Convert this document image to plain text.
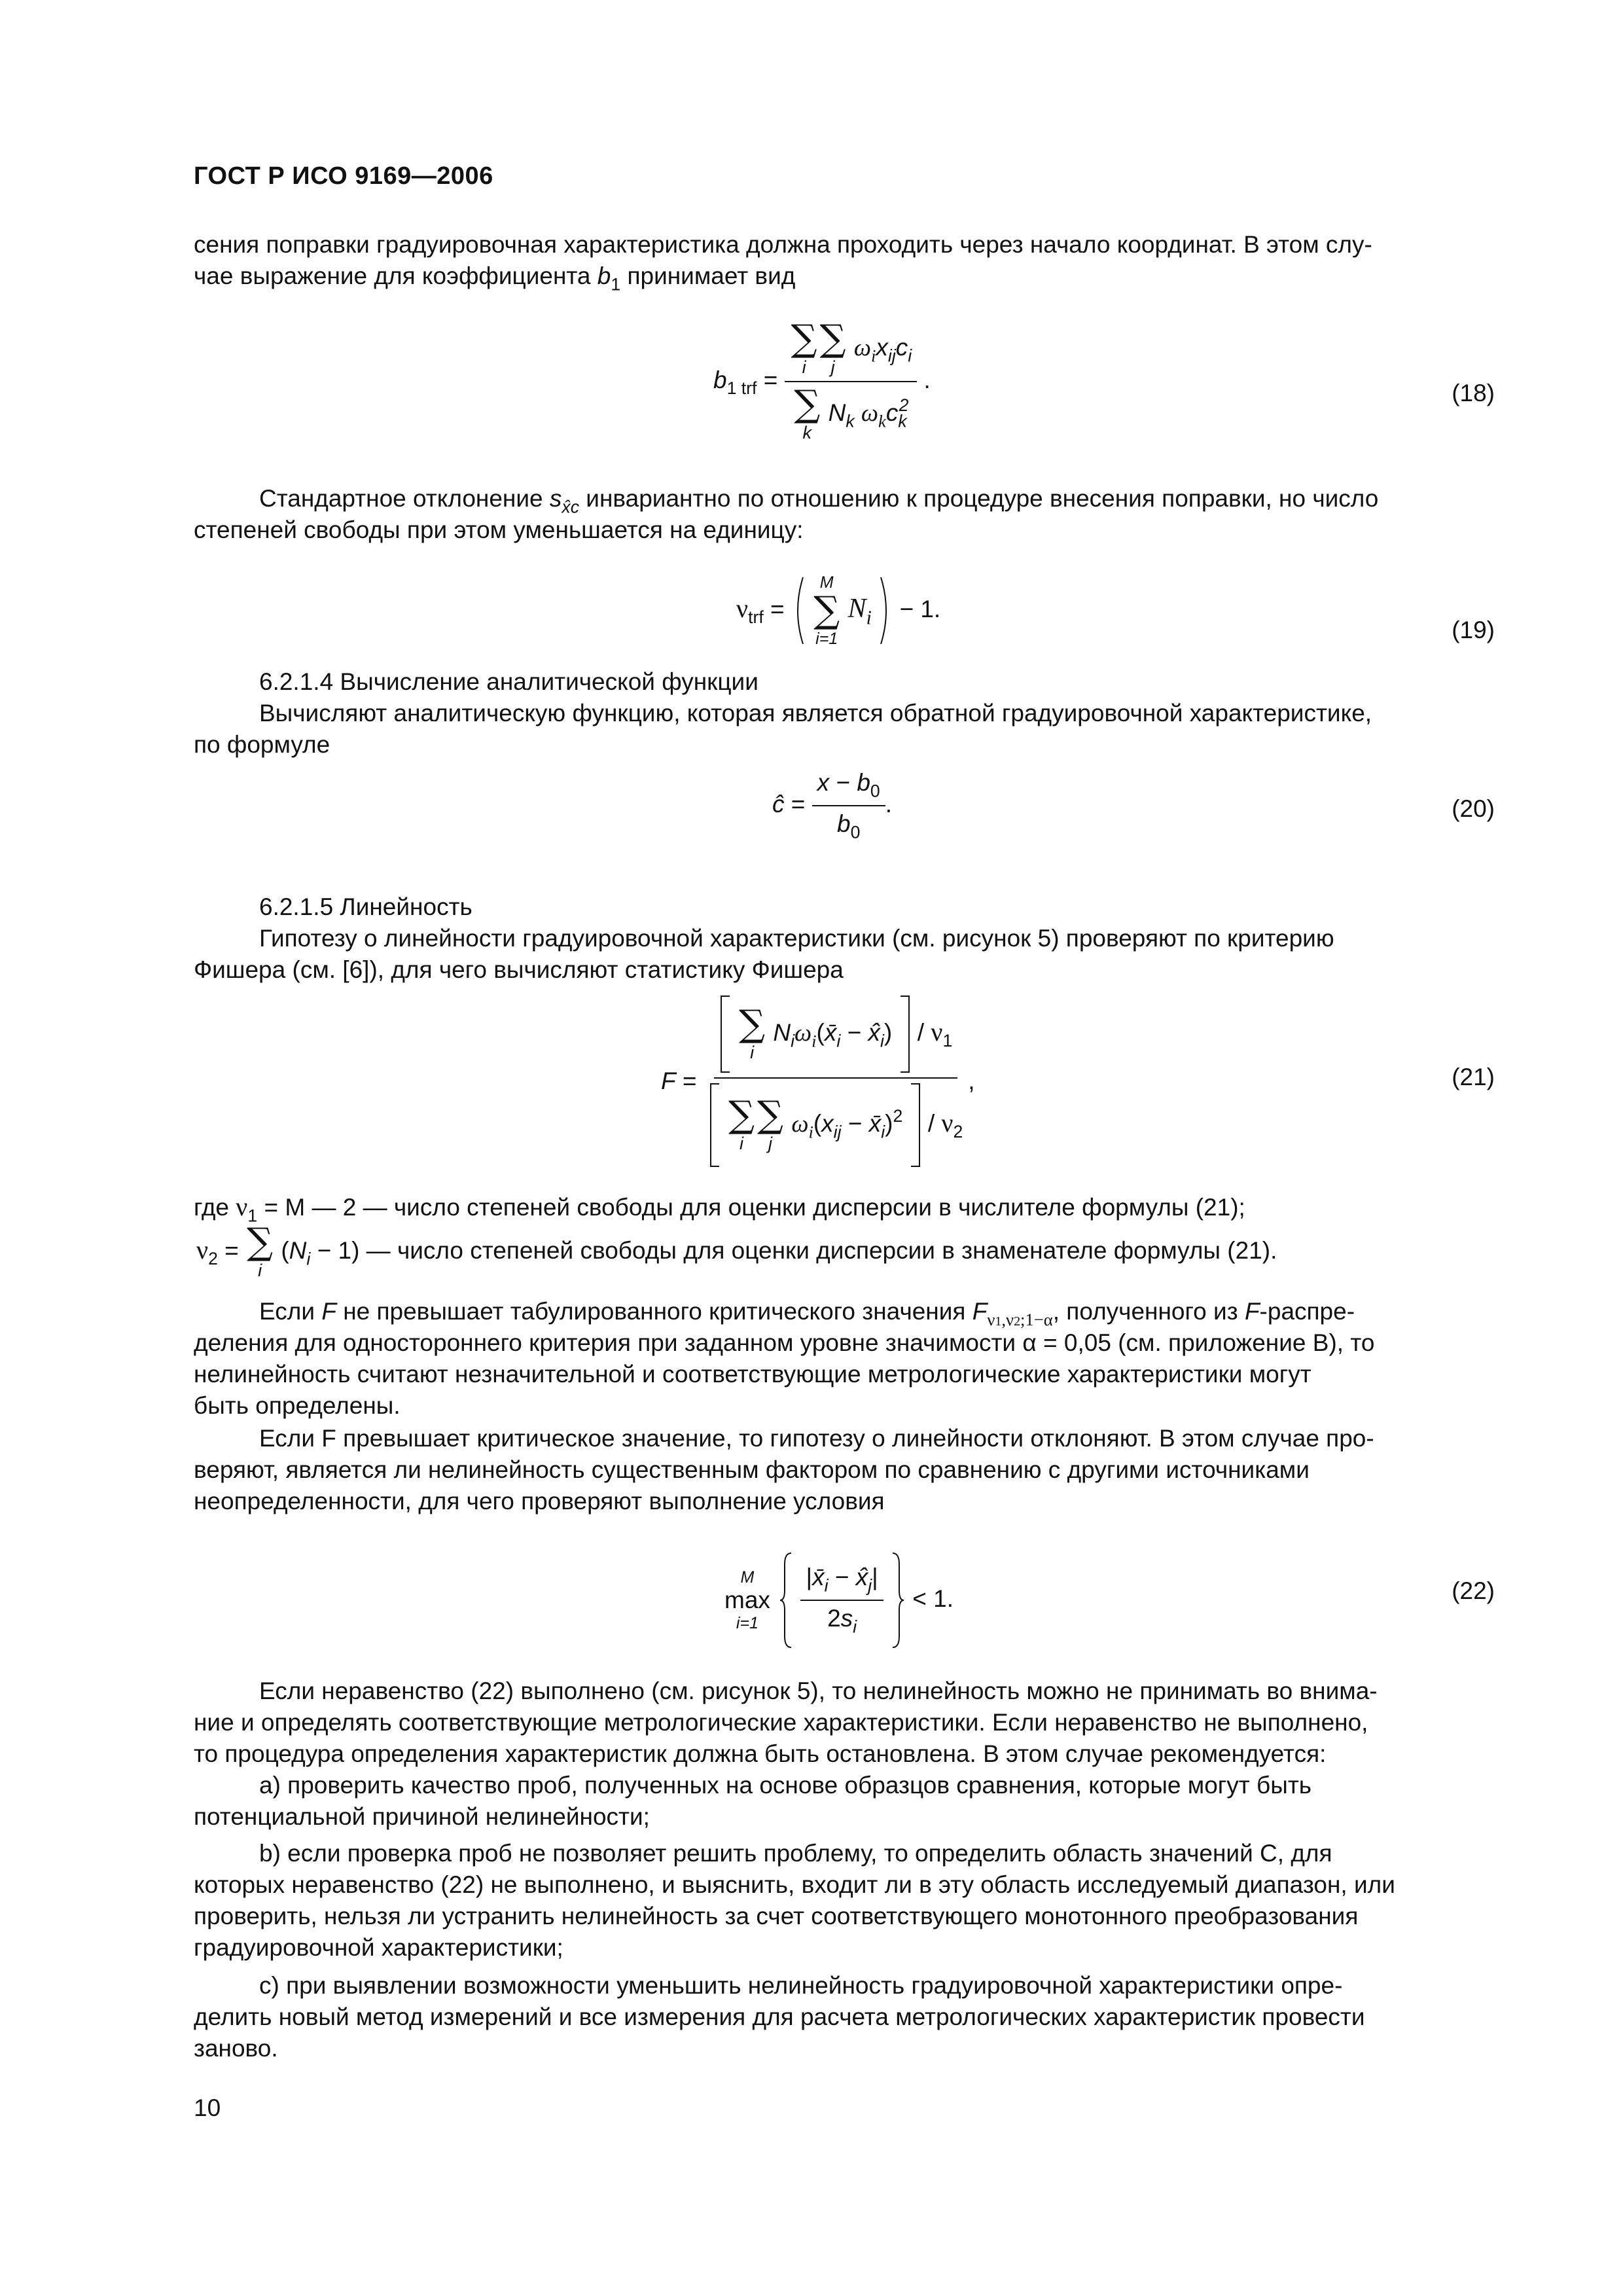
ГОСТ Р ИСО 9169—2006
сения поправки градуировочная характеристика должна проходить через начало координат. В этом слу-
чае выражение для коэффициента $b_1$ принимает вид
$b_{1 trf}$ = ∑
i
∑
j
$\omega_ix_{ij}c_i$
∑
k
$N_k$ $\omega_kc_k^2$ .	(18)
Стандартное отклонение $s_{x̂c}$ инвариантно по отношению к процедуре внесения поправки, но число
степеней свободы при этом уменьшается на единицу:
$\nu_{trf}$ =
M
∑
i=1
$N_i - 1$.
(19)
6.2.1.4 Вычисление аналитической функции
Вычисляют аналитическую функцию, которая является обратной градуировочной характеристике,
по формуле
ĉ = $\frac{x - b_0}{b_0}$ .	(20)
6.2.1.5 Линейность
Гипотезу о линейности градуировочной характеристики (см. рисунок 5) проверяют по критерию
Фишера (см. [6]), для чего вычисляют статистику Фишера
F =
∑
i
$N_i\omega_i(x̄_i$ − $x̂_i) / \nu_1$

∑
i
∑
j
$\omega_i(x_{ij}$ − $x̄_i)^2 / \nu_2$ ,	(21)
где $\nu_1 = M$ — 2 — число степеней свободы для оценки дисперсии в числителе формулы (21);
$\nu_2$ = ∑
i
$(N_i - 1)$ — число степеней свободы для оценки дисперсии в знаменателе формулы (21).
Если F не превышает табулированного критического значения $F_{\nu 1,\nu 2;1-\alpha}$, полученного из F-распре-
деления для одностороннего критерия при заданном уровне значимости α = 0,05 (см. приложение В), то
нелинейность считают незначительной и соответствующие метрологические характеристики могут
быть определены.
Если F превышает критическое значение, то гипотезу о линейности отклоняют. В этом случае про-
веряют, является ли нелинейность существенным фактором по сравнению с другими источниками
неопределенности, для чего проверяют выполнение условия
M
max
i=1
$\frac{|x̄_i - x̂_j|}{2s_i} < 1$.	(22)
Если неравенство (22) выполнено (см. рисунок 5), то нелинейность можно не принимать во внима-
ние и определять соответствующие метрологические характеристики. Если неравенство не выполнено,
то процедура определения характеристик должна быть остановлена. В этом случае рекомендуется:
a) проверить качество проб, полученных на основе образцов сравнения, которые могут быть
потенциальной причиной нелинейности;
b) если проверка проб не позволяет решить проблему, то определить область значений C, для
которых неравенство (22) не выполнено, и выяснить, входит ли в эту область исследуемый диапазон, или
проверить, нельзя ли устранить нелинейность за счет соответствующего монотонного преобразования
градуировочной характеристики;
c) при выявлении возможности уменьшить нелинейность градуировочной характеристики опре-
делить новый метод измерений и все измерения для расчета метрологических характеристик провести
заново.
10
